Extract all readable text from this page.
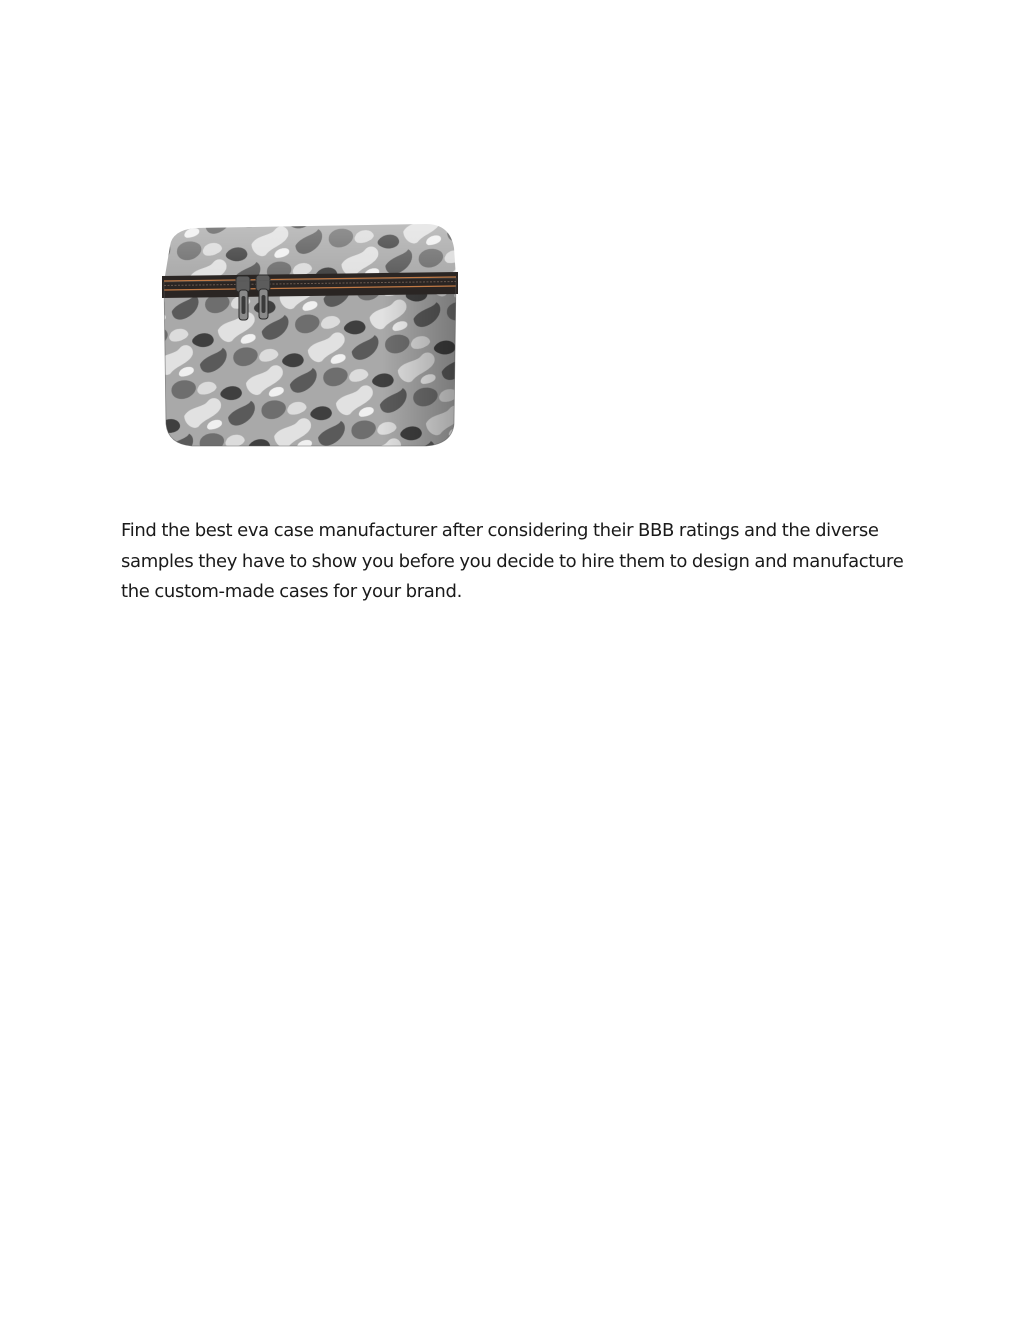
Find the best eva case manufacturer after considering their BBB ratings and the diverse samples they have to show you before you decide to hire them to design and manufacture the custom-made cases for your brand.
